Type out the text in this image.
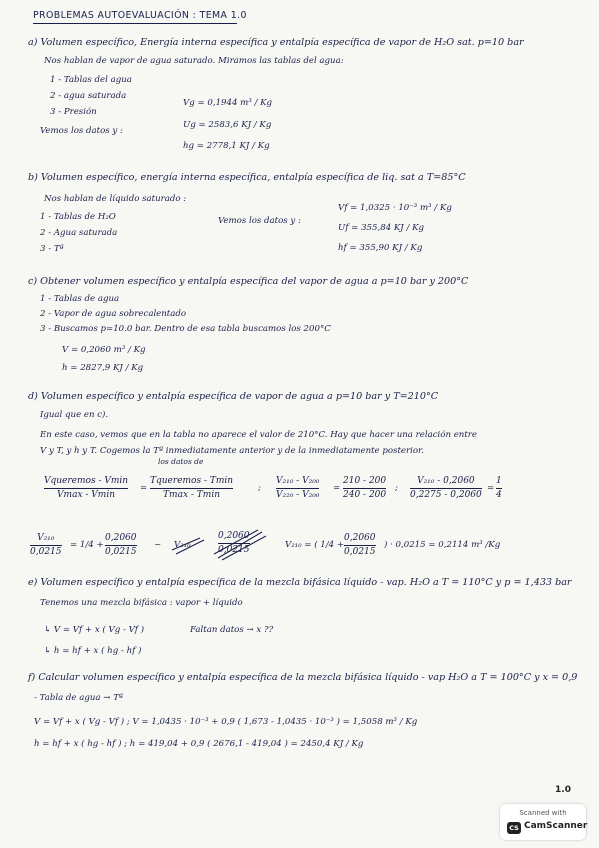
PROBLEMAS AUTOEVALUACIÓN : TEMA 1.0
a) Volumen específico, Energía interna específica y entalpía específica de vapor de H₂O sat. p=10 bar
Nos hablan de vapor de agua saturado. Miramos las tablas del agua:
1 - Tablas del agua
2 - agua saturada
3 - Presión
Vemos los datos y :
Vg = 0,1944 m³ / Kg
Ug = 2583,6 KJ / Kg
hg = 2778,1 KJ / Kg
b) Volumen específico, energía interna específica, entalpía específica de liq. sat a T=85°C
Nos hablan de líquido saturado :
1 - Tablas de H₂O
2 - Agua saturada
3 - Tª
Vemos los datos y :
Vf = 1,0325 · 10⁻³ m³ / Kg
Uf = 355,84 KJ / Kg
hf = 355,90 KJ / Kg
c) Obtener volumen específico y entalpía específica del vapor de agua a p=10 bar y 200°C
1 - Tablas de agua
2 - Vapor de agua sobrecalentado
3 - Buscamos p=10.0 bar. Dentro de esa tabla buscamos los 200°C
V = 0,2060 m³ / Kg
h = 2827,9 KJ / Kg
d) Volumen específico y entalpía específica de vapor de agua a p=10 bar y T=210°C
Igual que en c).
En este caso, vemos que en la tabla no aparece el valor de 210°C. Hay que hacer una relación entre
V y T, y h y T. Cogemos la Tª inmediatamente anterior y de la inmediatamente posterior.
los datos de
Vqueremos - Vmin
Vmax - Vmin
=
Tqueremos - Tmin
Tmax - Tmin
; $\frac{\text{V₂₁₀ - V₂₀₀}}{\text{V₂₂₀ - V₂₀₀}} = \frac{210 - 200}{240 - 200}$ ; $\frac{\text{V₂₁₀ - 0,2060}}{0,2275 - 0,2060} = \frac{1}{4}$
$\frac{\text{V₂₁₀}}{0,0215} = 1/4 + \frac{0,2060}{0,0215}$ ~ V₂₁₀	$\frac{0,2060}{0,0215}$	V₂₁₀ = ( $1/4 + \frac{0,2060}{0,0215}$ ) · 0,0215 = 0,2114 m³ /Kg
e) Volumen específico y entalpía específica de la mezcla bifásica líquido - vap. H₂O a T = 110°C y p = 1,433 bar
Tenemos una mezcla bifásica : vapor + líquido
↳ V = Vf + x ( Vg - Vf )	Faltan datos → x ??
↳ h = hf + x ( hg - hf )
f) Calcular volumen específico y entalpía específica de la mezcla bifásica líquido - vap H₂O a T = 100°C y x = 0,9
- Tabla de agua → Tª
V = Vf + x ( Vg - Vf ) ; V = 1,0435 · 10⁻³ + 0,9 ( 1,673 - 1,0435 · 10⁻³ ) = 1,5058 m³ / Kg
h = hf + x ( hg - hf ) ; h = 419,04 + 0,9 ( 2676,1 - 419,04 ) = 2450,4 KJ / Kg
1.0
Scanned with
CS CamScanner
